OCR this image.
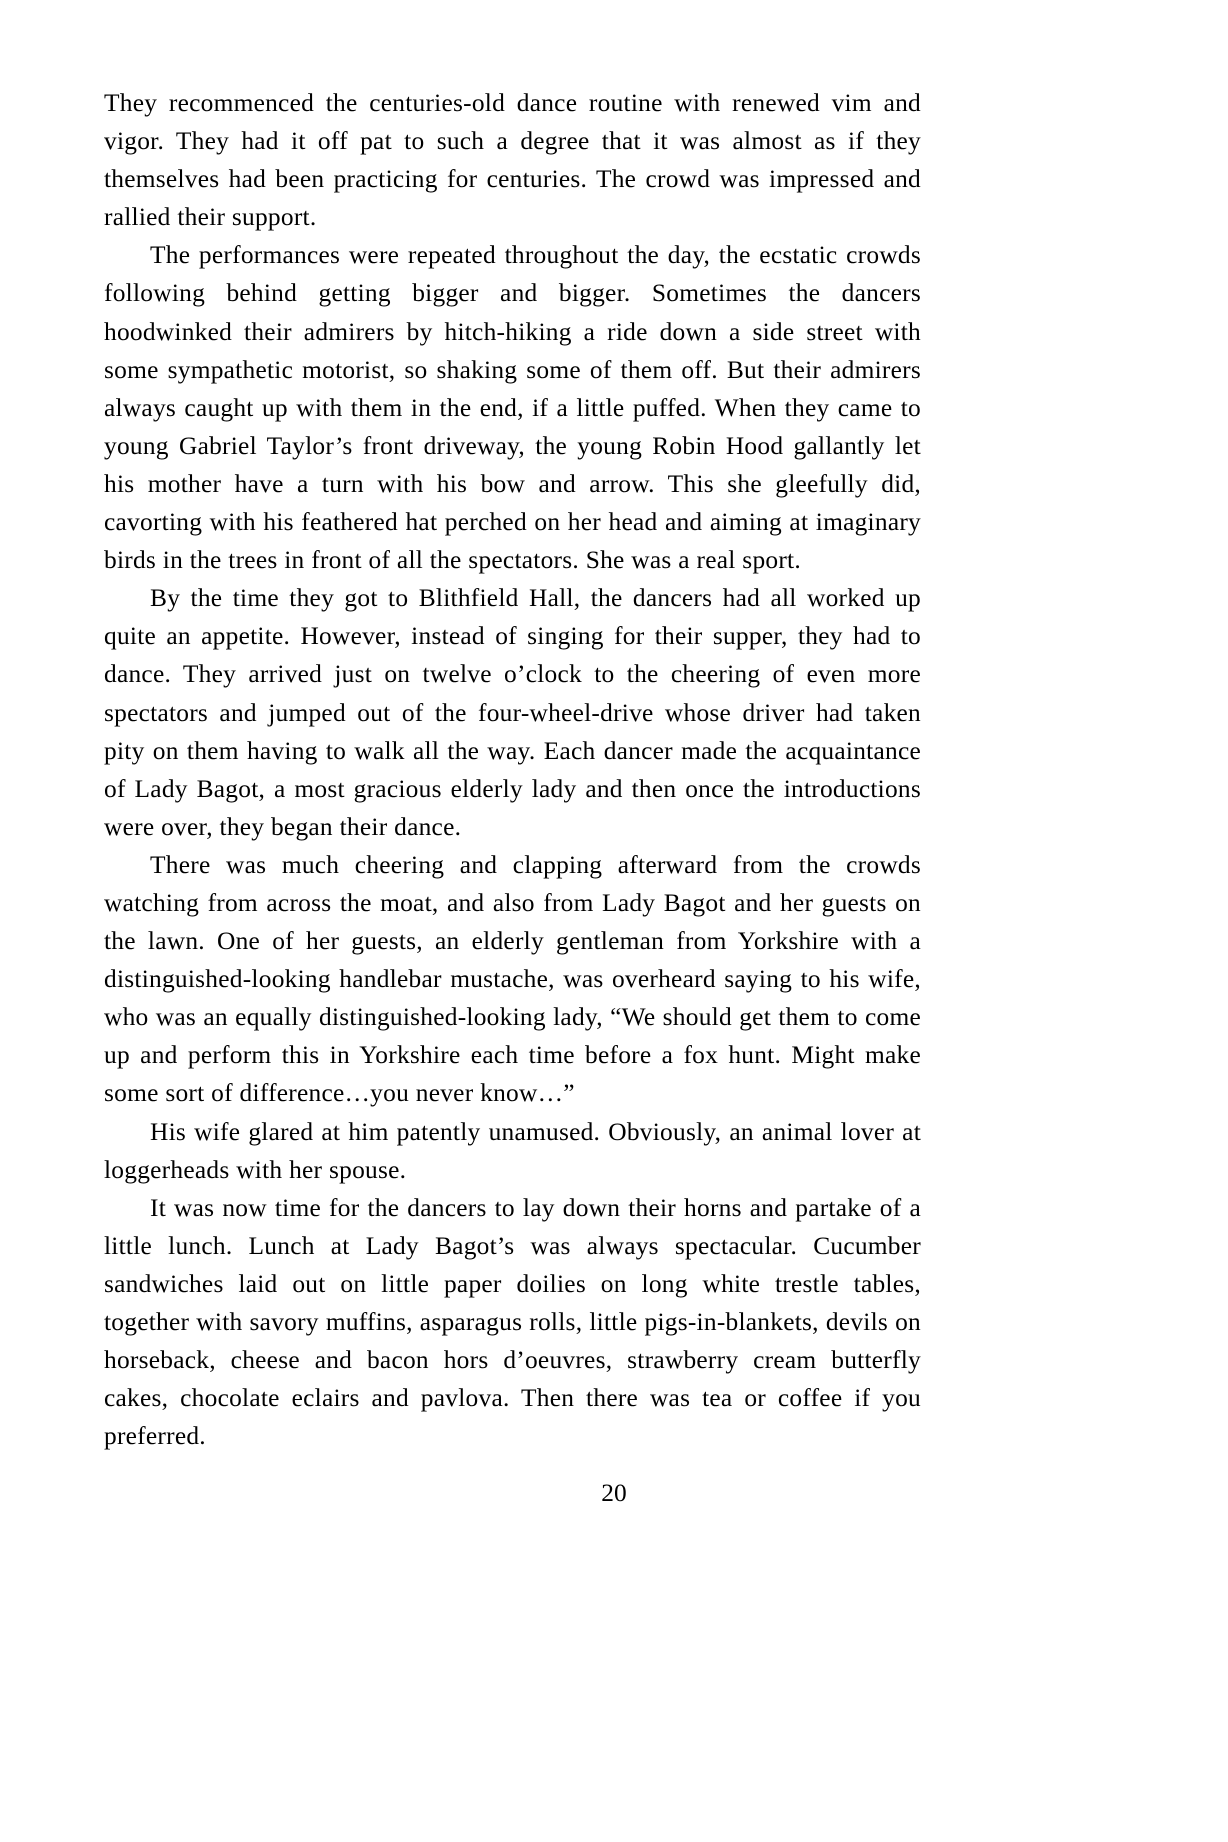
They recommenced the centuries-old dance routine with renewed vim and vigor. They had it off pat to such a degree that it was almost as if they themselves had been practicing for centuries. The crowd was impressed and rallied their support.

The performances were repeated throughout the day, the ecstatic crowds following behind getting bigger and bigger. Sometimes the dancers hoodwinked their admirers by hitch-hiking a ride down a side street with some sympathetic motorist, so shaking some of them off. But their admirers always caught up with them in the end, if a little puffed. When they came to young Gabriel Taylor’s front driveway, the young Robin Hood gallantly let his mother have a turn with his bow and arrow. This she gleefully did, cavorting with his feathered hat perched on her head and aiming at imaginary birds in the trees in front of all the spectators. She was a real sport.

By the time they got to Blithfield Hall, the dancers had all worked up quite an appetite. However, instead of singing for their supper, they had to dance. They arrived just on twelve o’clock to the cheering of even more spectators and jumped out of the four-wheel-drive whose driver had taken pity on them having to walk all the way. Each dancer made the acquaintance of Lady Bagot, a most gracious elderly lady and then once the introductions were over, they began their dance.

There was much cheering and clapping afterward from the crowds watching from across the moat, and also from Lady Bagot and her guests on the lawn. One of her guests, an elderly gentleman from Yorkshire with a distinguished-looking handlebar mustache, was overheard saying to his wife, who was an equally distinguished-looking lady, “We should get them to come up and perform this in Yorkshire each time before a fox hunt. Might make some sort of difference…you never know…”

His wife glared at him patently unamused. Obviously, an animal lover at loggerheads with her spouse.

It was now time for the dancers to lay down their horns and partake of a little lunch. Lunch at Lady Bagot’s was always spectacular. Cucumber sandwiches laid out on little paper doilies on long white trestle tables, together with savory muffins, asparagus rolls, little pigs-in-blankets, devils on horseback, cheese and bacon hors d’oeuvres, strawberry cream butterfly cakes, chocolate eclairs and pavlova. Then there was tea or coffee if you preferred.

20
